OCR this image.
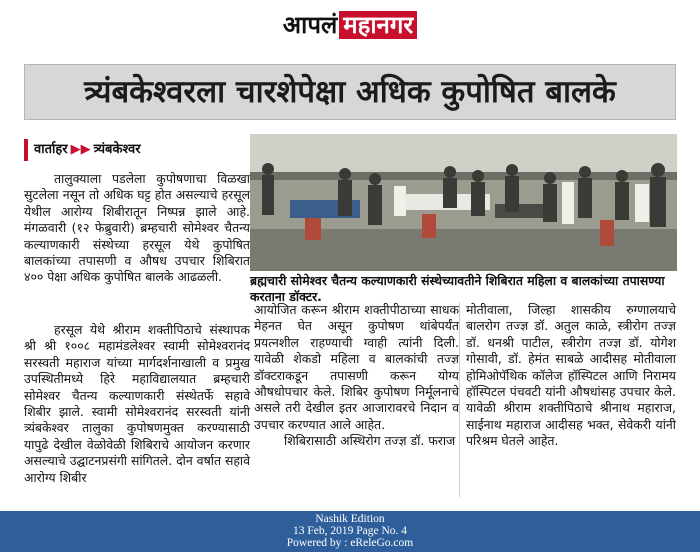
आपलं महानगर
त्र्यंबकेश्वरला चारशेपेक्षा अधिक कुपोषित बालके
वार्ताहर ▶▶ त्र्यंबकेश्वर

तालुक्याला पडलेला कुपोषणाचा विळखा सुटलेला नसून तो अधिक घट्ट होत असल्याचे हरसूल येथील आरोग्य शिबीरातून निष्पन्न झाले आहे. मंगळवारी (१२ फेब्रुवारी) ब्रम्हचारी सोमेश्वर चैतन्य कल्याणकारी संस्थेच्या हरसूल येथे कुपोषित बालकांच्या तपासणी व औषध उपचार शिबिरात ४०० पेक्षा अधिक कुपोषित बालके आढळली.

हरसूल येथे श्रीराम शक्तीपिठाचे संस्थापक श्री श्री १००८ महामंडलेश्वर स्वामी सोमेश्वरानंद सरस्वती महाराज यांच्या मार्गदर्शनाखाली व प्रमुख उपस्थितीमध्ये हिरे महाविद्यालयात ब्रम्हचारी सोमेश्वर चैतन्य कल्याणकारी संस्थेतर्फे सहावे शिबीर झाले. स्वामी सोमेश्वरानंद सरस्वती यांनी त्र्यंबकेश्वर तालुका कुपोषणमुक्त करण्यासाठी यापुढे देखील वेळोवेळी शिबिराचे आयोजन करणार असल्याचे उद्घाटनप्रसंगी सांगितले. दोन वर्षात सहावे आरोग्य शिबीर

ब्रह्मचारी सोमेश्वर चैतन्य कल्याणकारी संस्थेच्यावतीने शिबिरात महिला व बालकांच्या तपासण्या करताना डॉक्टर.

आयोजित करून श्रीराम शक्तीपीठाच्या साधक मेहनत घेत असून कुपोषण थांबेपर्यंत प्रयत्नशील राहण्याची ग्वाही त्यांनी दिली. यावेळी शेकडो महिला व बालकांची तज्ज्ञ डॉक्टराकडून तपासणी करून योग्य औषधोपचार केले. शिबिर कुपोषण निर्मूलनाचे असले तरी देखील इतर आजारावरचे निदान व उपचार करण्यात आले आहेत.

शिबिरासाठी अस्थिरोग तज्ज्ञ डॉ. फराज

मोतीवाला, जिल्हा शासकीय रुग्णालयाचे बालरोग तज्ज्ञ डॉ. अतुल काळे, स्त्रीरोग तज्ज्ञ डॉ. धनश्री पाटील, स्त्रीरोग तज्ज्ञ डॉ. योगेश गोसावी, डॉ. हेमंत साबळे आदीसह मोतीवाला होमिओपॅथिक कॉलेज हॉस्पिटल आणि निरामय हॉस्पिटल पंचवटी यांनी औषधांसह उपचार केले. यावेळी श्रीराम शक्तीपिठाचे श्रीनाथ महाराज, साईनाथ महाराज आदीसह भक्त, सेवेकरी यांनी परिश्रम घेतले आहेत.

Nashik Edition
13 Feb, 2019 Page No. 4
Powered by : eReleGo.com
